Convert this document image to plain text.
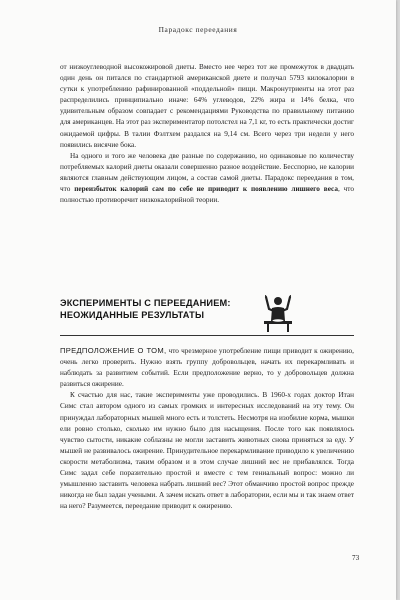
Парадокс переедания

от низкоуглеводной высокожировой диеты. Вместо нее через тот же промежуток в двадцать один день он питался по стандартной американской диете и получал 5793 килокалории в сутки к употреблению рафинированной «поддельной» пищи. Макронутриенты на этот раз распределились принципиально иначе: 64% углеводов, 22% жира и 14% белка, что удивительным образом совпадает с рекомендациями Руководства по правильному питанию для американцев. На этот раз экспериментатор потолстел на 7,1 кг, то есть практически достиг ожидаемой цифры. В талии Фэлтхем раздался на 9,14 см. Всего через три недели у него появились висячие бока.

На одного и того же человека две разные по содержанию, но одинаковые по количеству потребляемых калорий диеты оказали совершенно разное воздействие. Бесспорно, не калории являются главным действующим лицом, а состав самой диеты. Парадокс переедания в том, что переизбыток калорий сам по себе не приводит к появлению лишнего веса, что полностью противоречит низкокалорийной теории.

ЭКСПЕРИМЕНТЫ С ПЕРЕЕДАНИЕМ: НЕОЖИДАННЫЕ РЕЗУЛЬТАТЫ

ПРЕДПОЛОЖЕНИЕ О ТОМ, что чрезмерное употребление пищи приводит к ожирению, очень легко проверить. Нужно взять группу добровольцев, начать их перекармливать и наблюдать за развитием событий. Если предположение верно, то у добровольцев должна развиться ожирение.

К счастью для нас, такие эксперименты уже проводились. В 1960-х годах доктор Итан Симс стал автором одного из самых громких и интересных исследований на эту тему. Он принуждал лабораторных мышей много есть и толстеть. Несмотря на изобилие корма, мышки ели ровно столько, сколько им нужно было для насыщения. После того как появлялось чувство сытости, никакие соблазны не могли заставить животных снова приняться за еду. У мышей не развивалось ожирение. Принудительное перекармливание приводило к увеличению скорости метаболизма, таким образом и в этом случае лишний вес не прибавлялся. Тогда Симс задал себе поразительно простой и вместе с тем гениальный вопрос: можно ли умышленно заставить человека набрать лишний вес? Этот обманчиво простой вопрос прежде никогда не был задан учеными. А зачем искать ответ в лаборатории, если мы и так знаем ответ на него? Разумеется, переедание приводит к ожирению.

73
